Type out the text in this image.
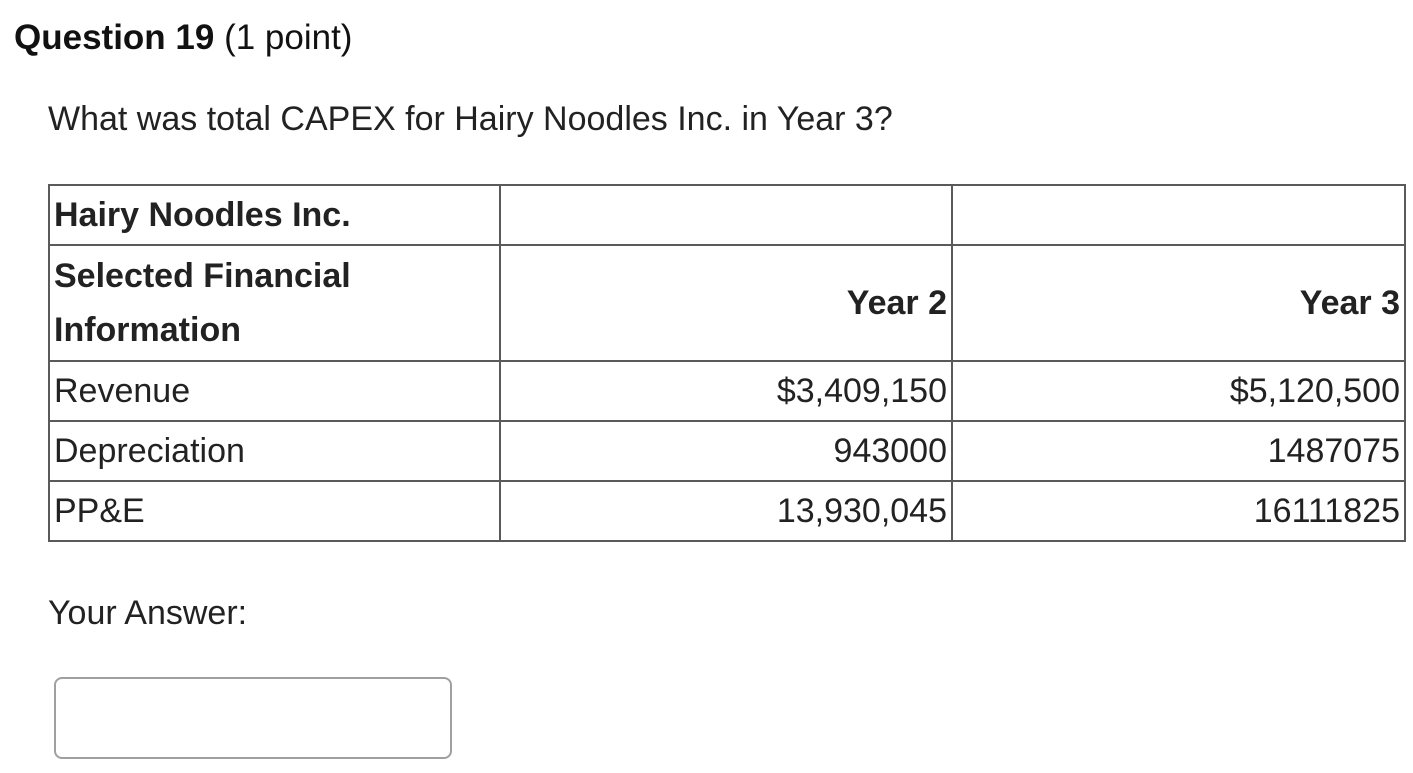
Question 19 (1 point)
What was total CAPEX for Hairy Noodles Inc. in Year 3?
Hairy Noodles Inc.		
Selected Financial Information	Year 2	Year 3
Revenue	$3,409,150	$5,120,500
Depreciation	943000	1487075
PP&E	13,930,045	16111825
Your Answer:
